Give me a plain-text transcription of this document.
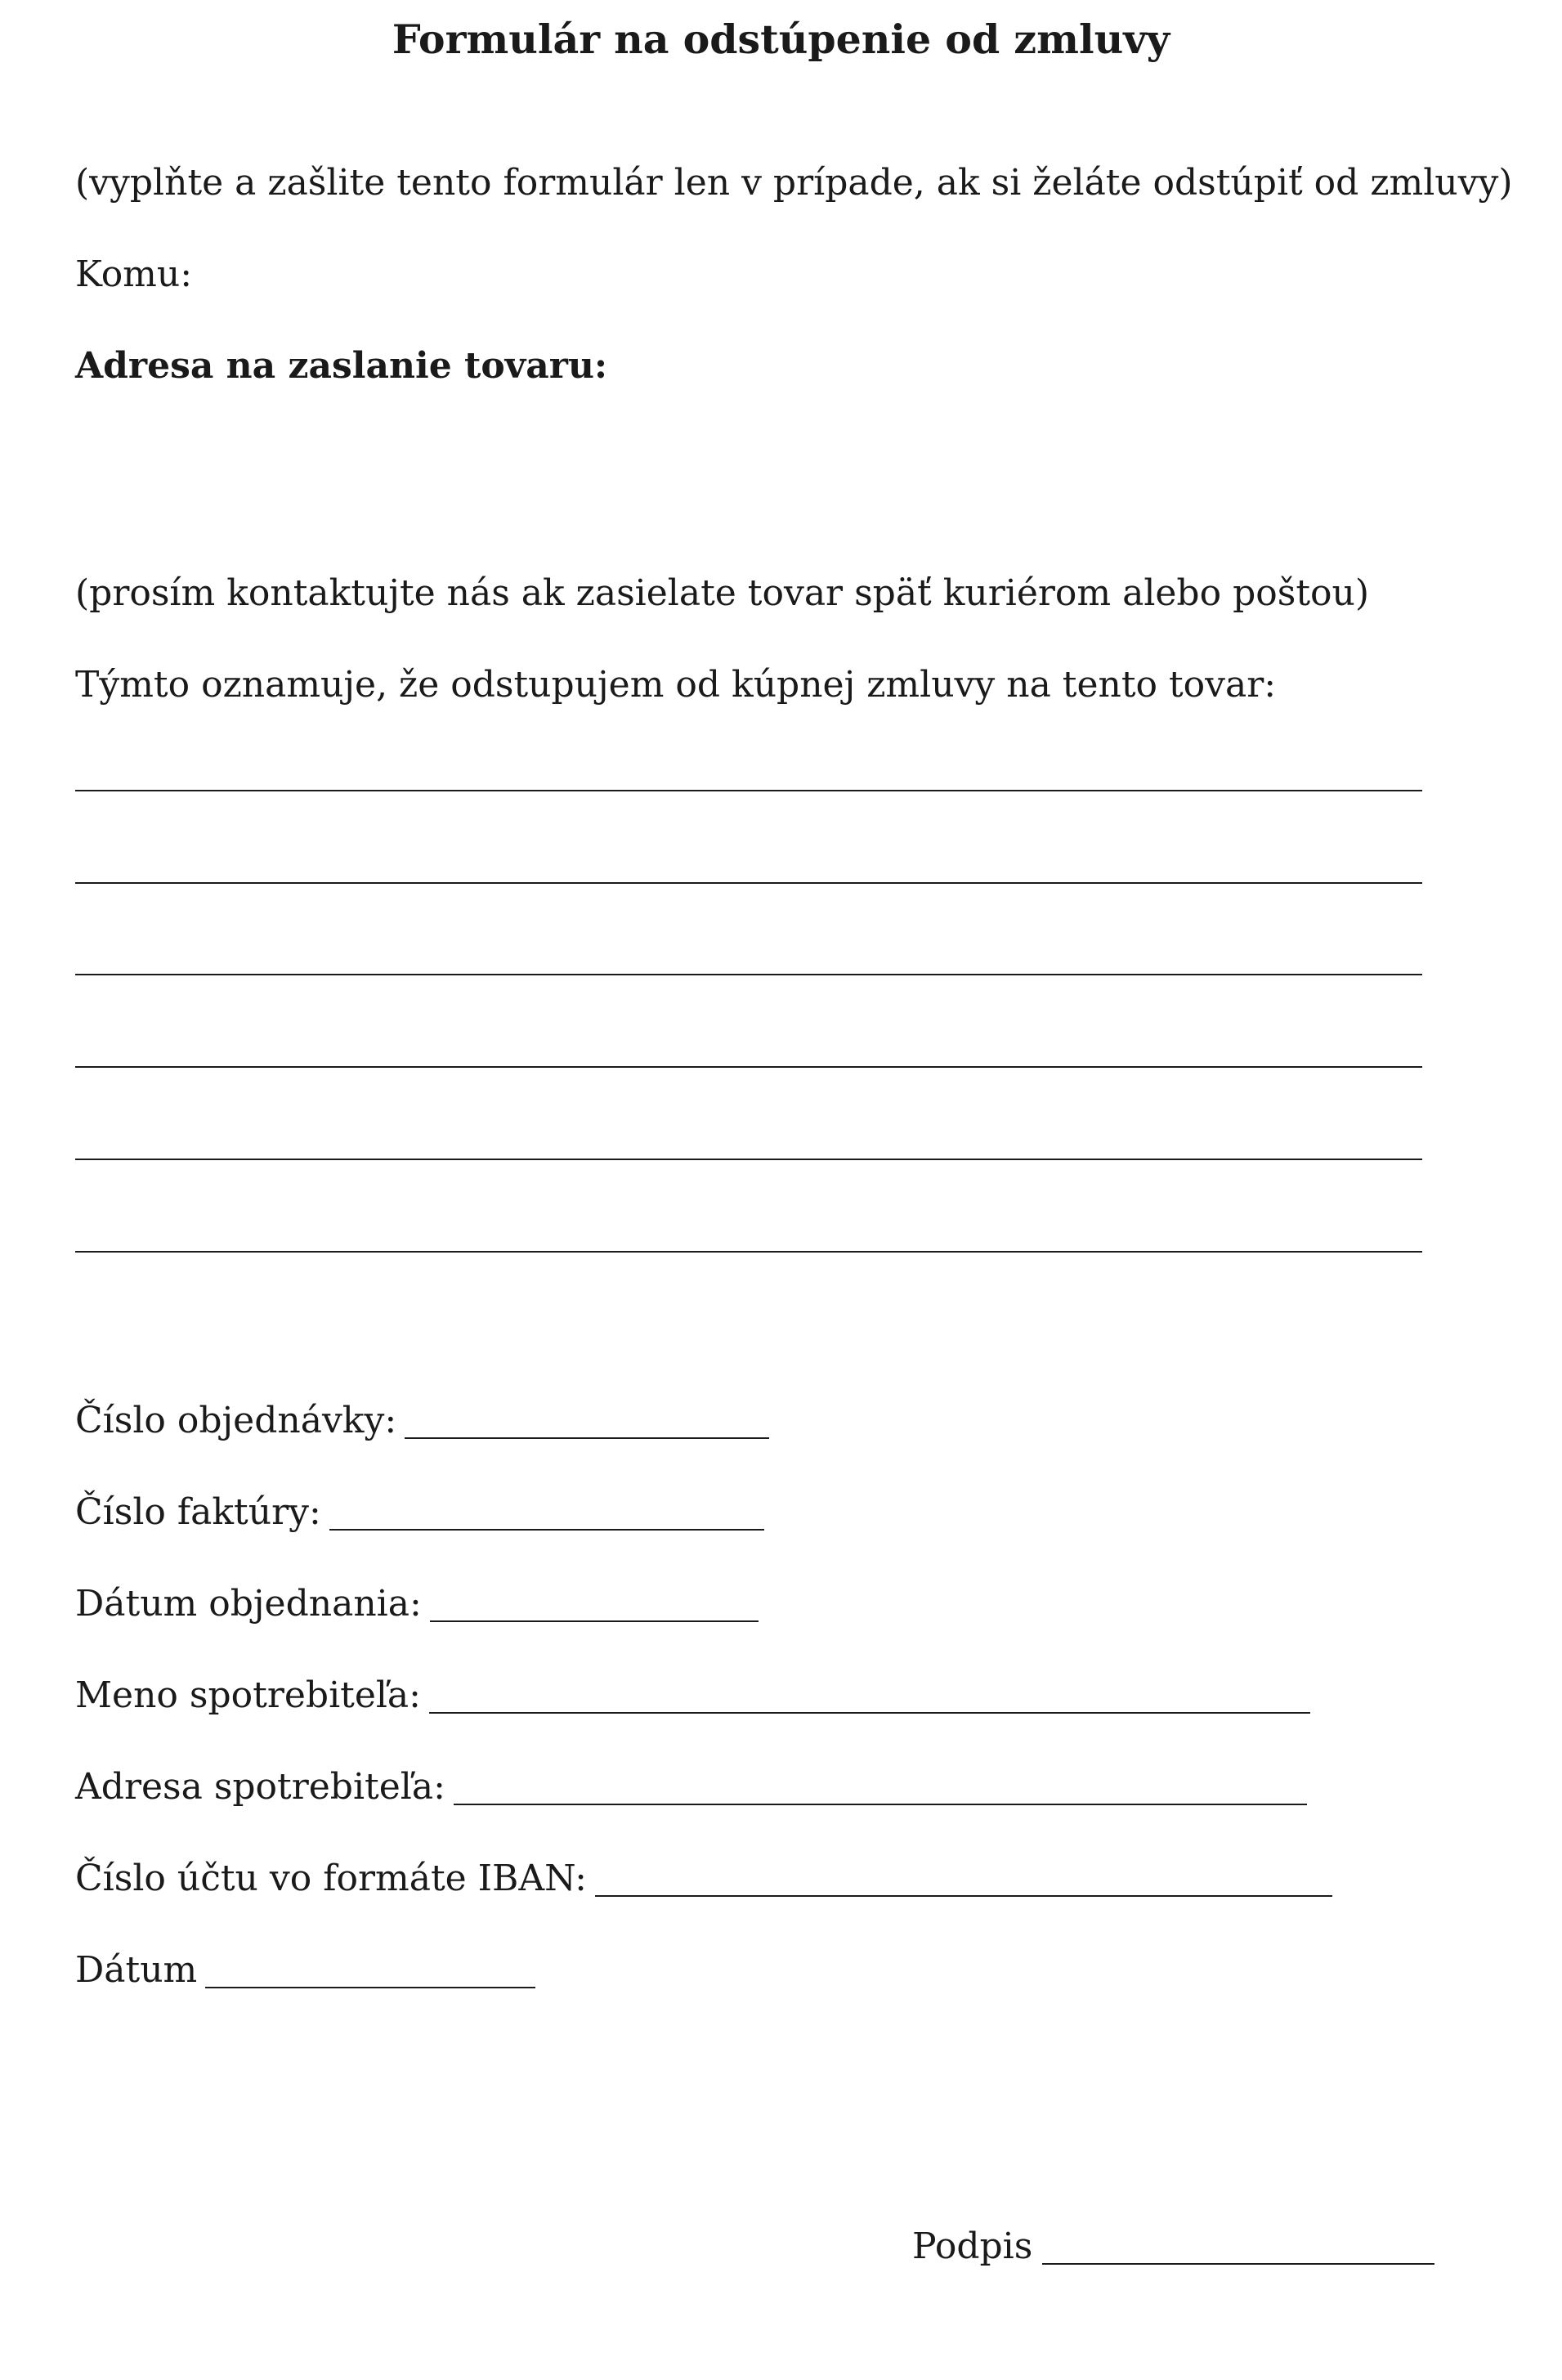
Formulár na odstúpenie od zmluvy
(vyplňte a zašlite tento formulár len v prípade, ak si želáte odstúpiť od zmluvy)
Komu:
Adresa na zaslanie tovaru:
(prosím kontaktujte nás ak zasielate tovar späť kuriérom alebo poštou)
Týmto oznamuje, že odstupujem od kúpnej zmluvy na tento tovar:
Číslo objednávky:
Číslo faktúry:
Dátum objednania:
Meno spotrebiteľa:
Adresa spotrebiteľa:
Číslo účtu vo formáte IBAN:
Dátum
Podpis
